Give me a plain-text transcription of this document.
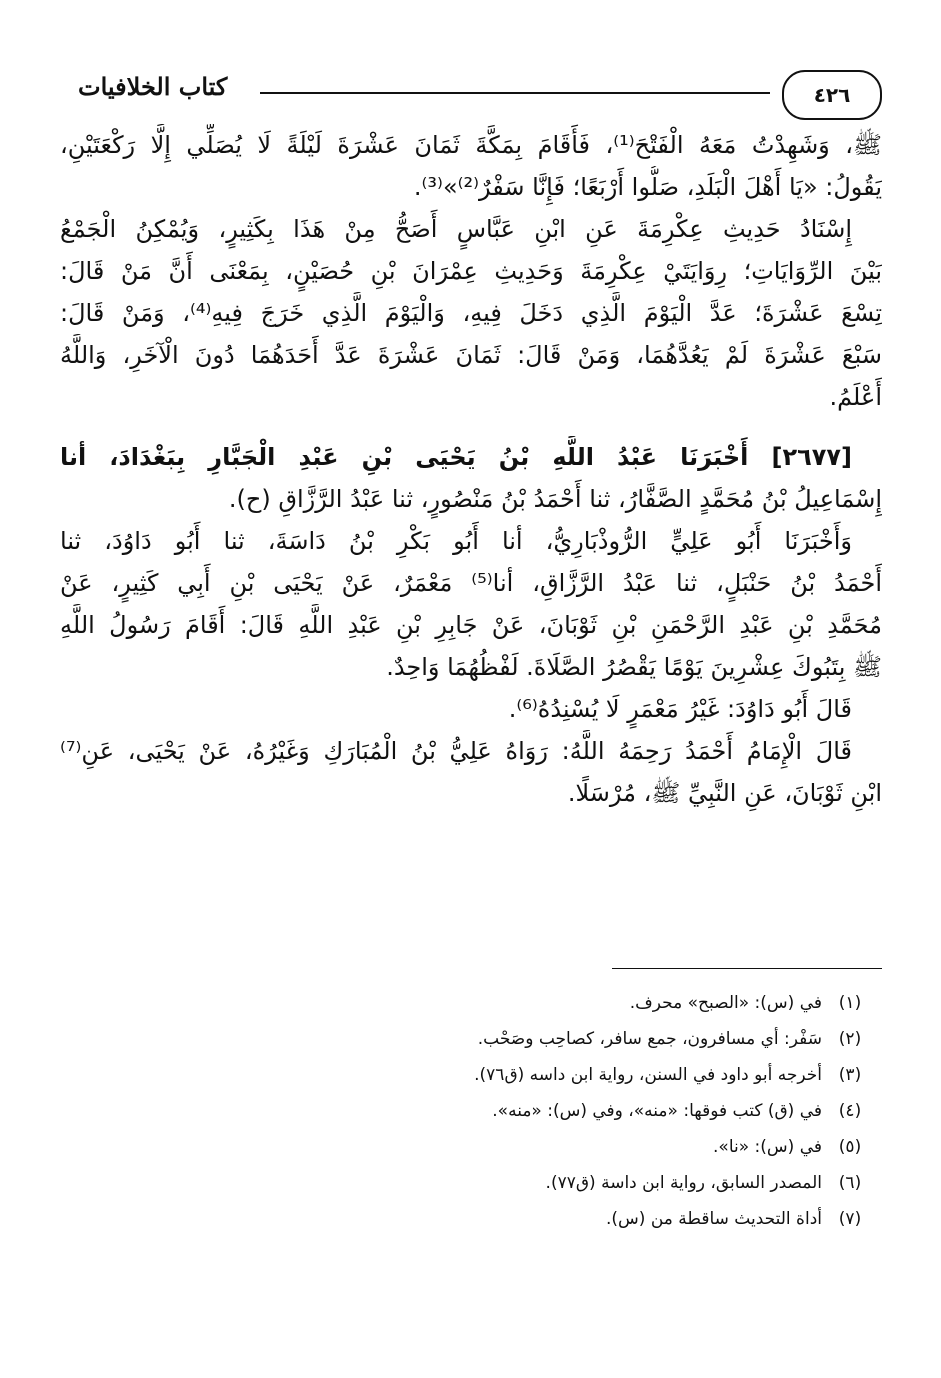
٤٢٦
كتاب الخلافيات
ﷺ، وَشَهِدْتُ مَعَهُ الْفَتْحَ⁽¹⁾، فَأَقَامَ بِمَكَّةَ ثَمَانَ عَشْرَةَ لَيْلَةً لَا يُصَلِّي إِلَّا رَكْعَتَيْنِ،
يَقُولُ: «يَا أَهْلَ الْبَلَدِ، صَلُّوا أَرْبَعًا؛ فَإِنَّا سَفْرٌ⁽²⁾»⁽³⁾.
إِسْنَادُ حَدِيثِ عِكْرِمَةَ عَنِ ابْنِ عَبَّاسٍ أَصَحُّ مِنْ هَذَا بِكَثِيرٍ، وَيُمْكِنُ الْجَمْعُ
بَيْنَ الرِّوَايَاتِ؛ رِوَايَتَيْ عِكْرِمَةَ وَحَدِيثِ عِمْرَانَ بْنِ حُصَيْنٍ، بِمَعْنَى أَنَّ مَنْ قَالَ:
تِسْعَ عَشْرَةَ؛ عَدَّ الْيَوْمَ الَّذِي دَخَلَ فِيهِ، وَالْيَوْمَ الَّذِي خَرَجَ فِيهِ⁽⁴⁾، وَمَنْ قَالَ:
سَبْعَ عَشْرَةَ لَمْ يَعُدَّهُمَا، وَمَنْ قَالَ: ثَمَانَ عَشْرَةَ عَدَّ أَحَدَهُمَا دُونَ الْآخَرِ، وَاللَّهُ
أَعْلَمُ.
[٢٦٧٧] أَخْبَرَنَا عَبْدُ اللَّهِ بْنُ يَحْيَى بْنِ عَبْدِ الْجَبَّارِ بِبَغْدَادَ، أنا
إِسْمَاعِيلُ بْنُ مُحَمَّدٍ الصَّفَّارُ، ثنا أَحْمَدُ بْنُ مَنْصُورٍ، ثنا عَبْدُ الرَّزَّاقِ (ح).
وَأَخْبَرَنَا أَبُو عَلِيٍّ الرُّوذْبَارِيُّ، أنا أَبُو بَكْرِ بْنُ دَاسَةَ، ثنا أَبُو دَاوُدَ، ثنا
أَحْمَدُ بْنُ حَنْبَلٍ، ثنا عَبْدُ الرَّزَّاقِ، أنا⁽⁵⁾ مَعْمَرٌ، عَنْ يَحْيَى بْنِ أَبِي كَثِيرٍ، عَنْ
مُحَمَّدِ بْنِ عَبْدِ الرَّحْمَنِ بْنِ ثَوْبَانَ، عَنْ جَابِرِ بْنِ عَبْدِ اللَّهِ قَالَ: أَقَامَ رَسُولُ اللَّهِ
ﷺ بِتَبُوكَ عِشْرِينَ يَوْمًا يَقْصُرُ الصَّلَاةَ. لَفْظُهُمَا وَاحِدٌ.
قَالَ أَبُو دَاوُدَ: غَيْرُ مَعْمَرٍ لَا يُسْنِدُهُ⁽⁶⁾.
قَالَ الْإِمَامُ أَحْمَدُ رَحِمَهُ اللَّهُ: رَوَاهُ عَلِيُّ بْنُ الْمُبَارَكِ وَغَيْرُهُ، عَنْ يَحْيَى، عَنِ⁽⁷⁾
ابْنِ ثَوْبَانَ، عَنِ النَّبِيِّ ﷺ، مُرْسَلًا.
(١)
في (س): «الصبح» محرف.
(٢)
سَفْر: أي مسافرون، جمع سافر، كصاحِب وصَحْب.
(٣)
أخرجه أبو داود في السنن، رواية ابن داسه (ق٧٦).
(٤)
في (ق) كتب فوقها: «منه»، وفي (س): «منه».
(٥)
في (س): «نا».
(٦)
المصدر السابق، رواية ابن داسة (ق٧٧).
(٧)
أداة التحديث ساقطة من (س).
